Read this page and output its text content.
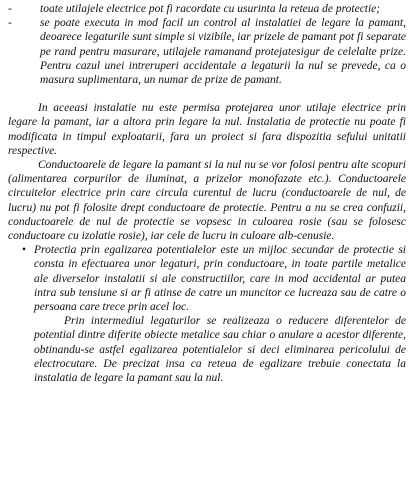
-	toate utilajele electrice pot fi racordate cu usurinta la reteua de protectie;
-	se poate executa in mod facil un control al instalatiei de legare la pamant, deoarece legaturile sunt simple si vizibile, iar prizele de pamant pot fi separate pe rand pentru masurare, utilajele ramanand protejatesigur de celelalte prize. Pentru cazul unei intreruperi accidentale a legaturii la nul se prevede, ca o masura suplimentara, un numar de prize de pamant.

In aceeasi instalatie nu este permisa protejarea unor utilaje electrice prin legare la pamant, iar a altora prin legare la nul. Instalatia de protectie nu poate fi modificata in timpul exploatarii, fara un proiect si fara dispozitia sefului unitatii respective.

Conductoarele de legare la pamant si la nul nu se vor folosi pentru alte scopuri (alimentarea corpurilor de iluminat, a prizelor monofazate etc.). Conductoarele circuitelor electrice prin care circula curentul de lucru (conductoarele de nul, de lucru) nu pot fi folosite drept conductoare de protectie. Pentru a nu se crea confuzii, conductoarele de nul de protectie se vopsesc in culoarea rosie (sau se folosesc conductoare cu izolatie rosie), iar cele de lucru in culoare alb-cenusie.

• Protectia prin egalizarea potentialelor este un mijloc secundar de protectie si consta in efectuarea unor legaturi, prin conductoare, in toate partile metalice ale diverselor instalatii si ale constructiilor, care in mod accidental ar putea intra sub tensiune si ar fi atinse de catre un muncitor ce lucreaza sau de catre o persoana care trece prin acel loc.

Prin intermediul legaturilor se realizeaza o reducere diferentelor de potential dintre diferite obiecte metalice sau chiar o anulare a acestor diferente, obtinandu-se astfel egalizarea potentialelor si deci eliminarea pericolului de electrocutare. De precizat insa ca reteua de egalizare trebuie conectata la instalatia de legare la pamant sau la nul.
